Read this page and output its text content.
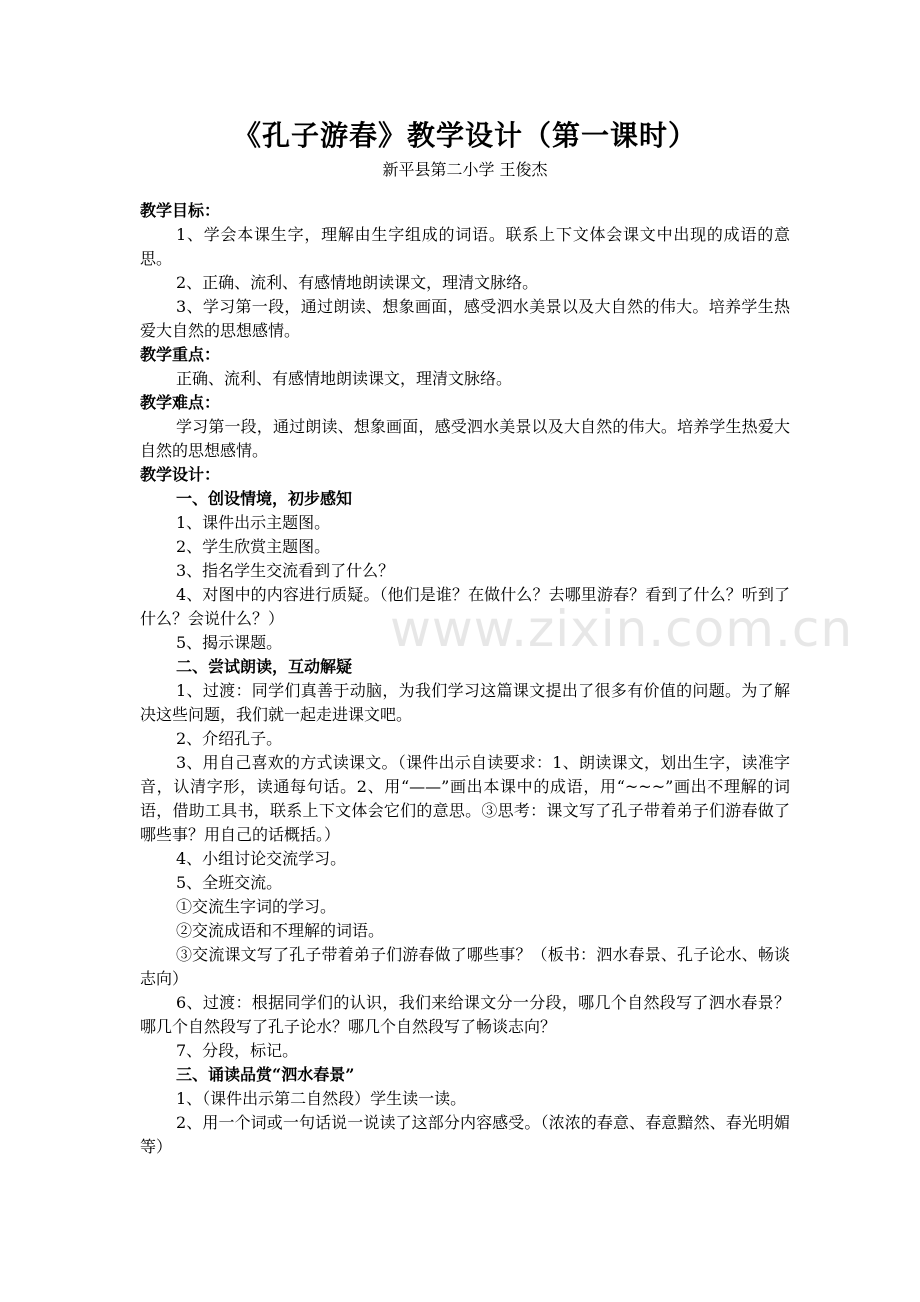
www.zixin.com.cn
《孔子游春》教学设计（第一课时）
新平县第二小学 王俊杰
教学目标：
1、学会本课生字，理解由生字组成的词语。联系上下文体会课文中出现的成语的意思。
2、正确、流利、有感情地朗读课文，理清文脉络。
3、学习第一段，通过朗读、想象画面，感受泗水美景以及大自然的伟大。培养学生热爱大自然的思想感情。
教学重点：
正确、流利、有感情地朗读课文，理清文脉络。
教学难点：
学习第一段，通过朗读、想象画面，感受泗水美景以及大自然的伟大。培养学生热爱大自然的思想感情。
教学设计：
一、创设情境，初步感知
1、课件出示主题图。
2、学生欣赏主题图。
3、指名学生交流看到了什么？
4、对图中的内容进行质疑。（他们是谁？在做什么？去哪里游春？看到了什么？听到了什么？会说什么？）
5、揭示课题。
二、尝试朗读，互动解疑
1、过渡：同学们真善于动脑，为我们学习这篇课文提出了很多有价值的问题。为了解决这些问题，我们就一起走进课文吧。
2、介绍孔子。
3、用自己喜欢的方式读课文。（课件出示自读要求：1、朗读课文，划出生字，读准字音，认清字形，读通每句话。2、用“——”画出本课中的成语，用“~~~”画出不理解的词语，借助工具书，联系上下文体会它们的意思。③思考：课文写了孔子带着弟子们游春做了哪些事？用自己的话概括。）
4、小组讨论交流学习。
5、全班交流。
①交流生字词的学习。
②交流成语和不理解的词语。
③交流课文写了孔子带着弟子们游春做了哪些事？（板书：泗水春景、孔子论水、畅谈志向）
6、过渡：根据同学们的认识，我们来给课文分一分段，哪几个自然段写了泗水春景？哪几个自然段写了孔子论水？哪几个自然段写了畅谈志向？
7、分段，标记。
三、诵读品赏“泗水春景”
1、（课件出示第二自然段）学生读一读。
2、用一个词或一句话说一说读了这部分内容感受。（浓浓的春意、春意黯然、春光明媚等）
